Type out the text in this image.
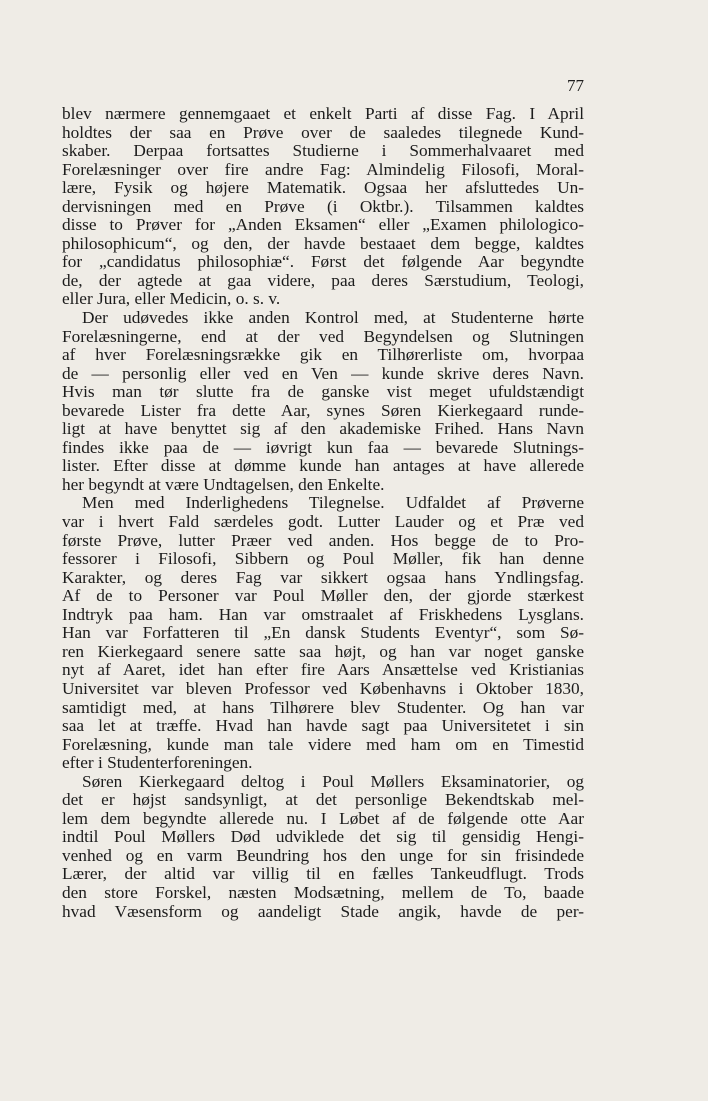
77

blev nærmere gennemgaaet et enkelt Parti af disse Fag. I April
holdtes der saa en Prøve over de saaledes tilegnede Kund-
skaber. Derpaa fortsattes Studierne i Sommerhalvaaret med
Forelæsninger over fire andre Fag: Almindelig Filosofi, Moral-
lære, Fysik og højere Matematik. Ogsaa her afsluttedes Un-
dervisningen med en Prøve (i Oktbr.). Tilsammen kaldtes
disse to Prøver for „Anden Eksamen“ eller „Examen philologico-
philosophicum“, og den, der havde bestaaet dem begge, kaldtes
for „candidatus philosophiæ“. Først det følgende Aar begyndte
de, der agtede at gaa videre, paa deres Særstudium, Teologi,
eller Jura, eller Medicin, o. s. v.
Der udøvedes ikke anden Kontrol med, at Studenterne hørte
Forelæsningerne, end at der ved Begyndelsen og Slutningen
af hver Forelæsningsrække gik en Tilhørerliste om, hvorpaa
de — personlig eller ved en Ven — kunde skrive deres Navn.
Hvis man tør slutte fra de ganske vist meget ufuldstændigt
bevarede Lister fra dette Aar, synes Søren Kierkegaard runde-
ligt at have benyttet sig af den akademiske Frihed. Hans Navn
findes ikke paa de — iøvrigt kun faa — bevarede Slutnings-
lister. Efter disse at dømme kunde han antages at have allerede
her begyndt at være Undtagelsen, den Enkelte.
Men med Inderlighedens Tilegnelse. Udfaldet af Prøverne
var i hvert Fald særdeles godt. Lutter Lauder og et Præ ved
første Prøve, lutter Præer ved anden. Hos begge de to Pro-
fessorer i Filosofi, Sibbern og Poul Møller, fik han denne
Karakter, og deres Fag var sikkert ogsaa hans Yndlingsfag.
Af de to Personer var Poul Møller den, der gjorde stærkest
Indtryk paa ham. Han var omstraalet af Friskhedens Lysglans.
Han var Forfatteren til „En dansk Students Eventyr“, som Sø-
ren Kierkegaard senere satte saa højt, og han var noget ganske
nyt af Aaret, idet han efter fire Aars Ansættelse ved Kristianias
Universitet var bleven Professor ved Københavns i Oktober 1830,
samtidigt med, at hans Tilhørere blev Studenter. Og han var
saa let at træffe. Hvad han havde sagt paa Universitetet i sin
Forelæsning, kunde man tale videre med ham om en Timestid
efter i Studenterforeningen.
Søren Kierkegaard deltog i Poul Møllers Eksaminatorier, og
det er højst sandsynligt, at det personlige Bekendtskab mel-
lem dem begyndte allerede nu. I Løbet af de følgende otte Aar
indtil Poul Møllers Død udviklede det sig til gensidig Hengi-
venhed og en varm Beundring hos den unge for sin frisindede
Lærer, der altid var villig til en fælles Tankeudflugt. Trods
den store Forskel, næsten Modsætning, mellem de To, baade
hvad Væsensform og aandeligt Stade angik, havde de per-
